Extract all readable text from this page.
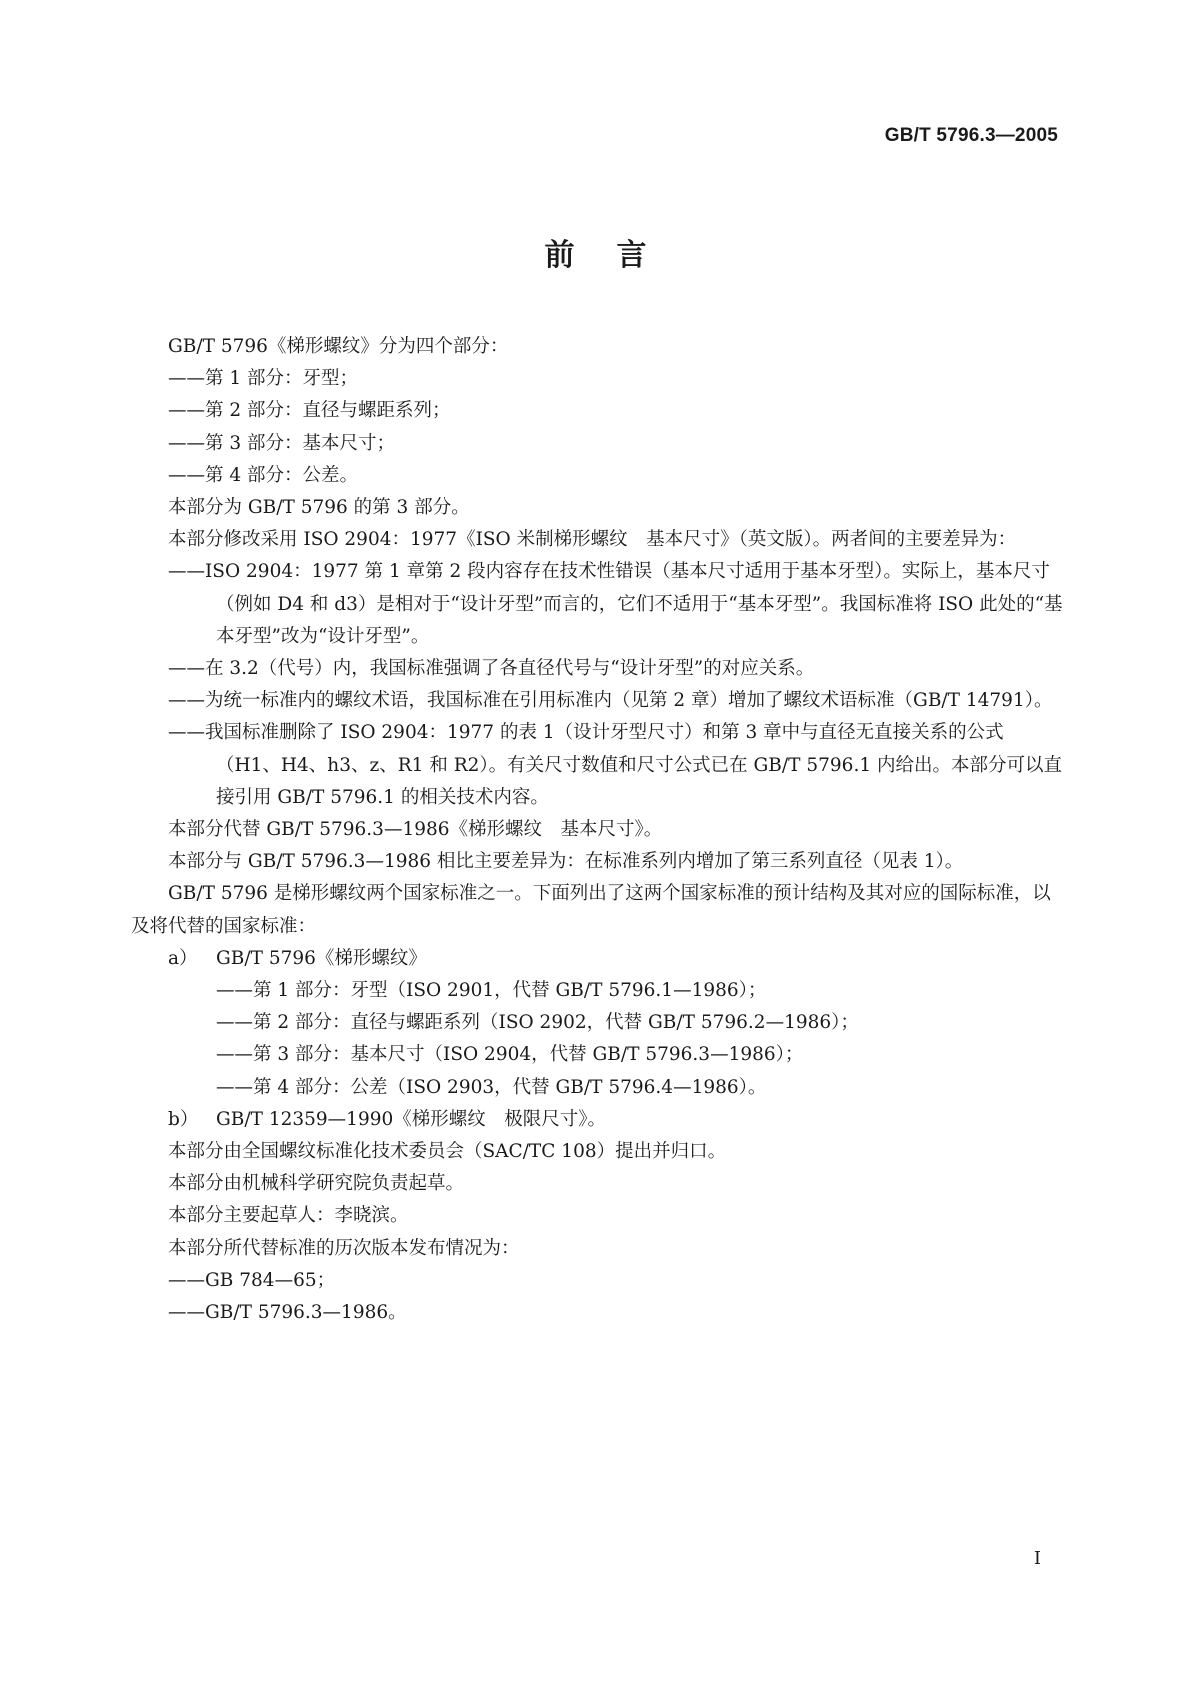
GB/T 5796.3—2005
前言

GB/T 5796《梯形螺纹》分为四个部分：

——第 1 部分：牙型；

——第 2 部分：直径与螺距系列；

——第 3 部分：基本尺寸；

——第 4 部分：公差。

本部分为 GB/T 5796 的第 3 部分。

本部分修改采用 ISO 2904：1977《ISO 米制梯形螺纹　基本尺寸》（英文版）。两者间的主要差异为：

——ISO 2904：1977 第 1 章第 2 段内容存在技术性错误（基本尺寸适用于基本牙型）。实际上，基本尺寸（例如 D4 和 d3）是相对于“设计牙型”而言的，它们不适用于“基本牙型”。我国标准将 ISO 此处的“基本牙型”改为“设计牙型”。

——在 3.2（代号）内，我国标准强调了各直径代号与“设计牙型”的对应关系。

——为统一标准内的螺纹术语，我国标准在引用标准内（见第 2 章）增加了螺纹术语标准（GB/T 14791）。

——我国标准删除了 ISO 2904：1977 的表 1（设计牙型尺寸）和第 3 章中与直径无直接关系的公式（H1、H4、h3、z、R1 和 R2）。有关尺寸数值和尺寸公式已在 GB/T 5796.1 内给出。本部分可以直接引用 GB/T 5796.1 的相关技术内容。

本部分代替 GB/T 5796.3—1986《梯形螺纹　基本尺寸》。

本部分与 GB/T 5796.3—1986 相比主要差异为：在标准系列内增加了第三系列直径（见表 1）。

GB/T 5796 是梯形螺纹两个国家标准之一。下面列出了这两个国家标准的预计结构及其对应的国际标准，以及将代替的国家标准：

a） GB/T 5796《梯形螺纹》

——第 1 部分：牙型（ISO 2901，代替 GB/T 5796.1—1986）；

——第 2 部分：直径与螺距系列（ISO 2902，代替 GB/T 5796.2—1986）；

——第 3 部分：基本尺寸（ISO 2904，代替 GB/T 5796.3—1986）；

——第 4 部分：公差（ISO 2903，代替 GB/T 5796.4—1986）。

b） GB/T 12359—1990《梯形螺纹　极限尺寸》。

本部分由全国螺纹标准化技术委员会（SAC/TC 108）提出并归口。

本部分由机械科学研究院负责起草。

本部分主要起草人：李晓滨。

本部分所代替标准的历次版本发布情况为：

——GB 784—65；

——GB/T 5796.3—1986。

I
